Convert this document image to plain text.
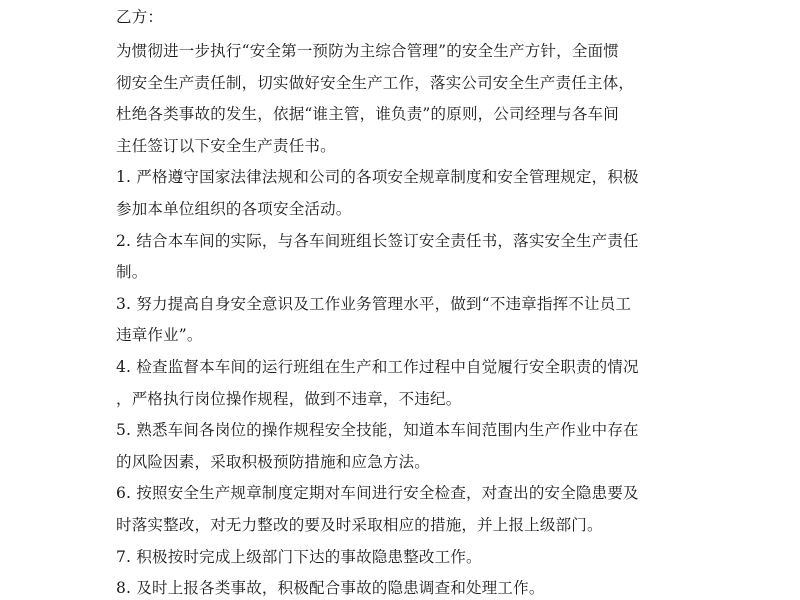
乙方：
为惯彻进一步执行“安全第一预防为主综合管理”的安全生产方针，全面惯
彻安全生产责任制，切实做好安全生产工作，落实公司安全生产责任主体，
杜绝各类事故的发生，依据“谁主管，谁负责”的原则，公司经理与各车间
主任签订以下安全生产责任书。
1. 严格遵守国家法律法规和公司的各项安全规章制度和安全管理规定，积极
参加本单位组织的各项安全活动。
2. 结合本车间的实际，与各车间班组长签订安全责任书，落实安全生产责任
制。
3. 努力提高自身安全意识及工作业务管理水平，做到“不违章指挥不让员工
违章作业”。
4. 检查监督本车间的运行班组在生产和工作过程中自觉履行安全职责的情况
，严格执行岗位操作规程，做到不违章，不违纪。
5. 熟悉车间各岗位的操作规程安全技能，知道本车间范围内生产作业中存在
的风险因素，采取积极预防措施和应急方法。
6. 按照安全生产规章制度定期对车间进行安全检查，对查出的安全隐患要及
时落实整改，对无力整改的要及时采取相应的措施，并上报上级部门。
7. 积极按时完成上级部门下达的事故隐患整改工作。
8. 及时上报各类事故，积极配合事故的隐患调查和处理工作。
